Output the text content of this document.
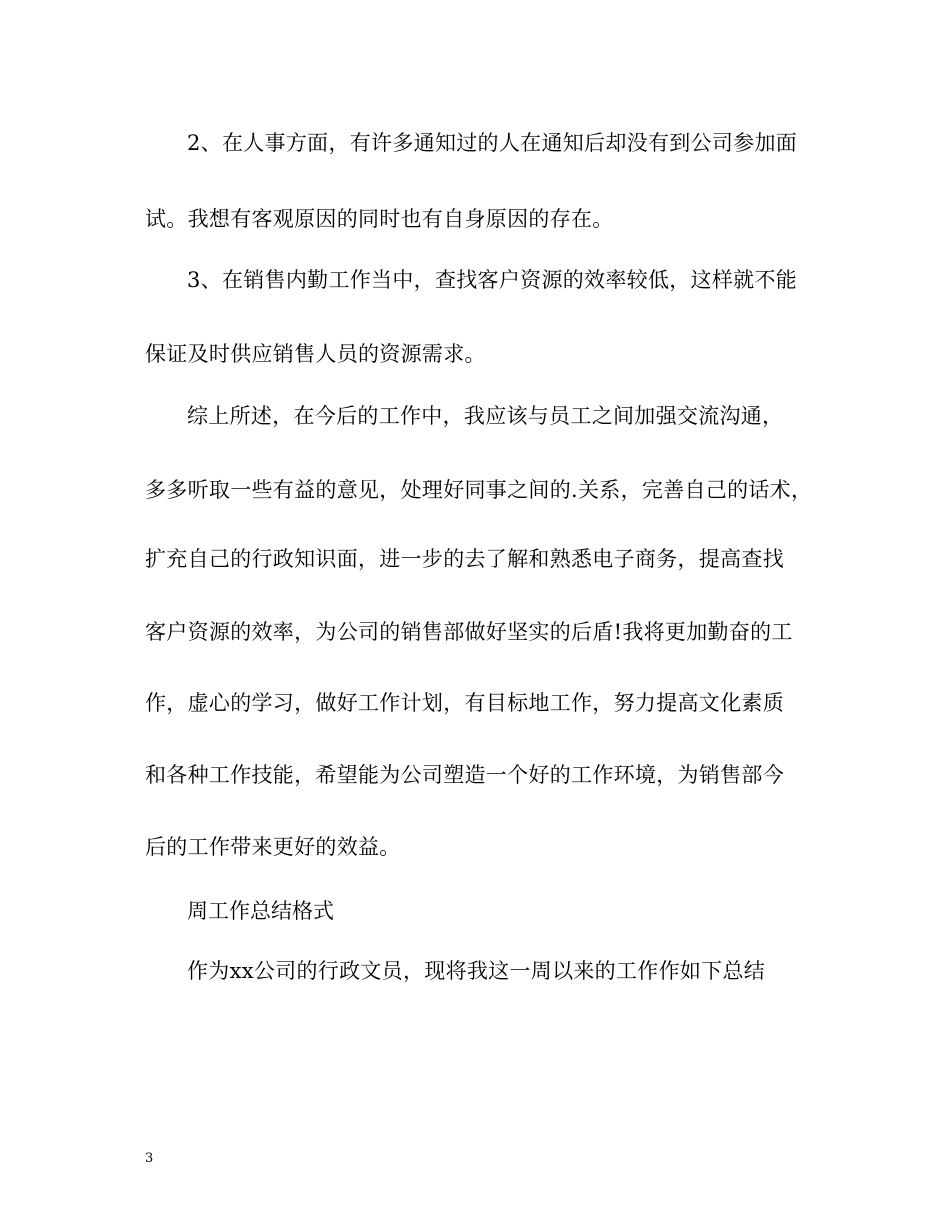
2、在人事方面，有许多通知过的人在通知后却没有到公司参加面
试。我想有客观原因的同时也有自身原因的存在。
3、在销售内勤工作当中，查找客户资源的效率较低，这样就不能
保证及时供应销售人员的资源需求。
综上所述，在今后的工作中，我应该与员工之间加强交流沟通，
多多听取一些有益的意见，处理好同事之间的.关系，完善自己的话术，
扩充自己的行政知识面，进一步的去了解和熟悉电子商务，提高查找
客户资源的效率，为公司的销售部做好坚实的后盾!我将更加勤奋的工
作，虚心的学习，做好工作计划，有目标地工作，努力提高文化素质
和各种工作技能，希望能为公司塑造一个好的工作环境，为销售部今
后的工作带来更好的效益。
周工作总结格式
作为xx公司的行政文员，现将我这一周以来的工作作如下总结
3
